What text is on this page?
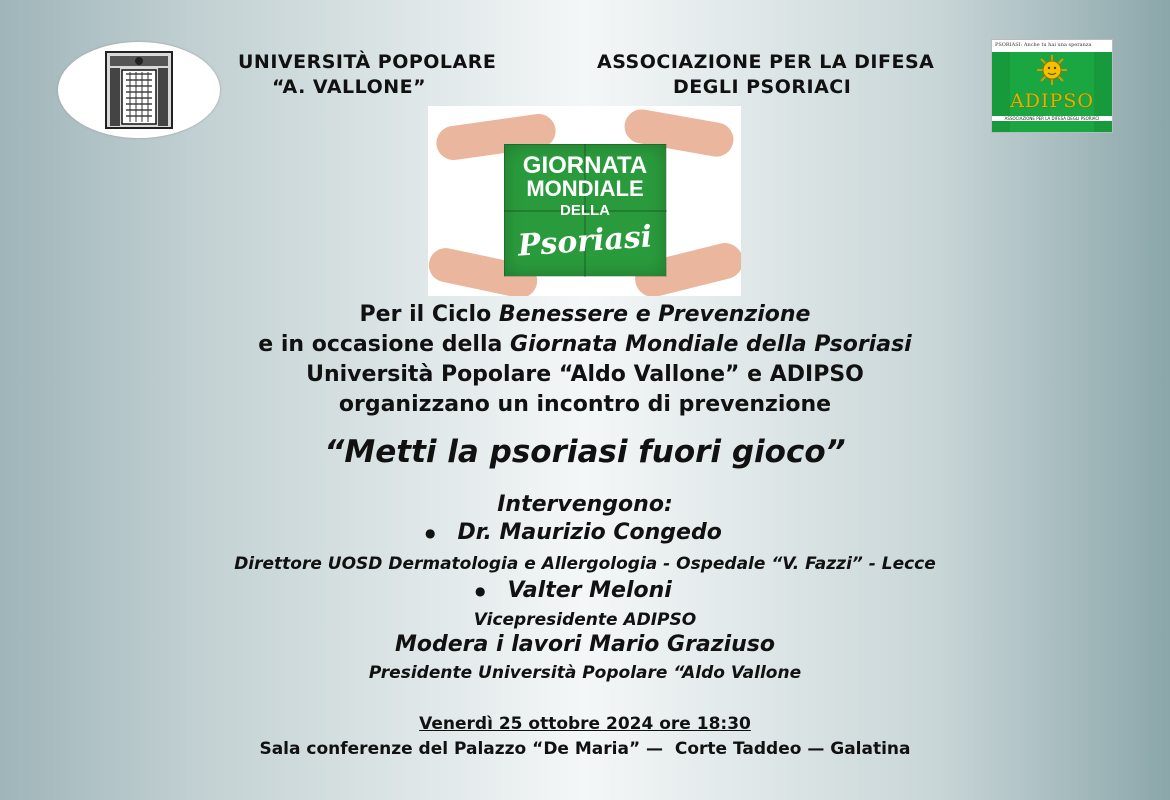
UNIVERSITÀ POPOLARE
“A. VALLONE”
ASSOCIAZIONE PER LA DIFESA
DEGLI PSORIACI
PSORIASI: Anche tu hai una speranza
ADIPSO
ASSOCIAZIONE PER LA DIFESA DEGLI PSORIACI
GIORNATA
MONDIALE
DELLA
Psoriasi
Per il Ciclo Benessere e Prevenzione
e in occasione della Giornata Mondiale della Psoriasi
Università Popolare “Aldo Vallone” e ADIPSO
organizzano un incontro di prevenzione
“Metti la psoriasi fuori gioco”
Intervengono:
● Dr. Maurizio Congedo
Direttore UOSD Dermatologia e Allergologia - Ospedale “V. Fazzi” - Lecce
● Valter Meloni
Vicepresidente ADIPSO
Modera i lavori Mario Graziuso
Presidente Università Popolare “Aldo Vallone
Venerdì 25 ottobre 2024 ore 18:30
Sala conferenze del Palazzo “De Maria” —  Corte Taddeo — Galatina
